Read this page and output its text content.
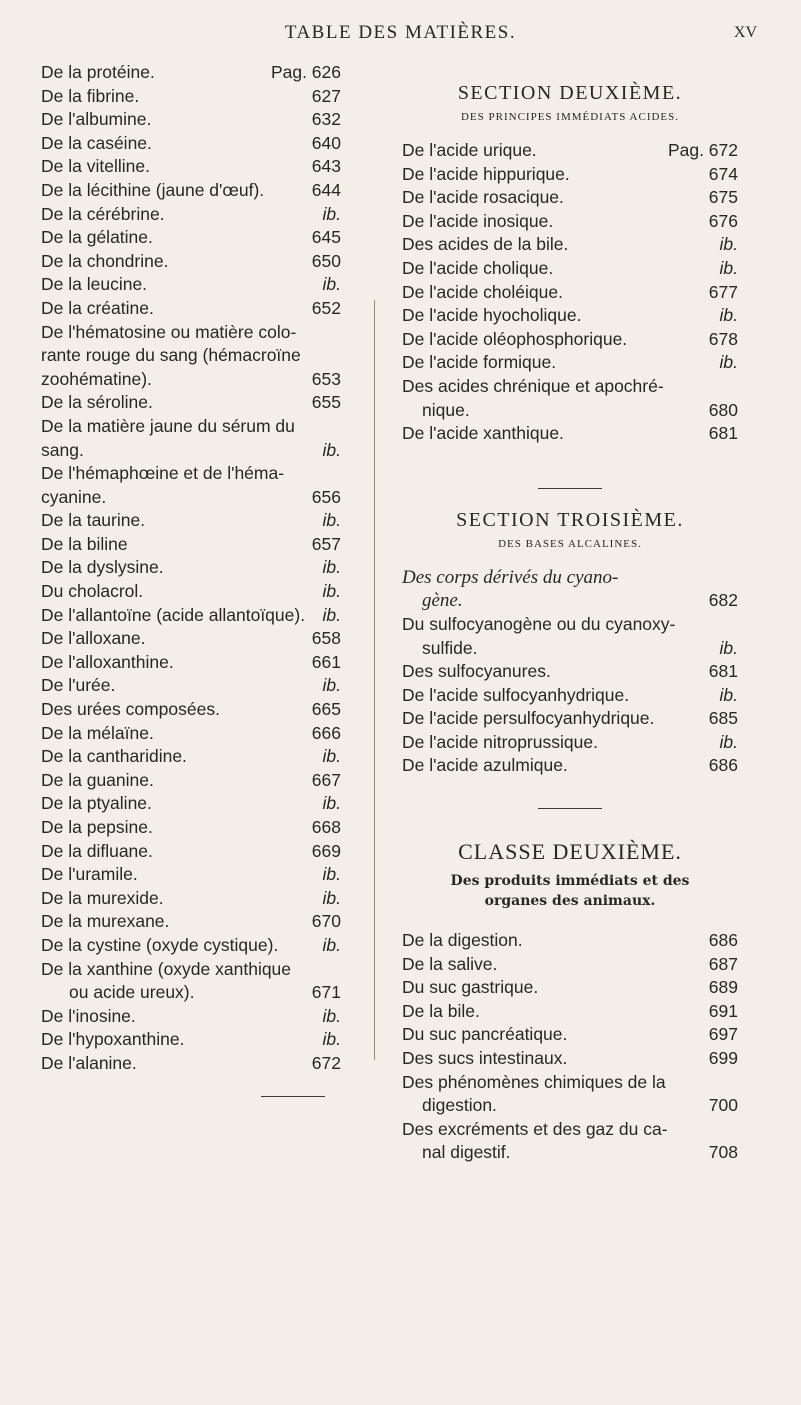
TABLE DES MATIÈRES.	XV
De la protéine.	Pag. 626
De la fibrine.	627
De l'albumine.	632
De la caséine.	640
De la vitelline.	643
De la lécithine (jaune d'œuf).	644
De la cérébrine.	ib.
De la gélatine.	645
De la chondrine.	650
De la leucine.	ib.
De la créatine.	652
De l'hématosine ou matière colo-
rante rouge du sang (hémacroïne
zoohématine).	653
De la séroline.	655
De la matière jaune du sérum du
sang.	ib.
De l'hémaphœine et de l'héma-
cyanine.	656
De la taurine.	ib.
De la biline	657
De la dyslysine.	ib.
Du cholacrol.	ib.
De l'allantoïne (acide allantoïque). ib.
De l'alloxane.	658
De l'alloxanthine.	661
De l'urée.	ib.
Des urées composées.	665
De la mélaïne.	666
De la cantharidine.	ib.
De la guanine.	667
De la ptyaline.	ib.
De la pepsine.	668
De la difluane.	669
De l'uramile.	ib.
De la murexide.	ib.
De la murexane.	670
De la cystine (oxyde cystique).	ib.
De la xanthine (oxyde xanthique
ou acide ureux).	671
De l'inosine.	ib.
De l'hypoxanthine.	ib.
De l'alanine.	672
SECTION DEUXIÈME.
DES PRINCIPES IMMÉDIATS ACIDES.
De l'acide urique.	Pag. 672
De l'acide hippurique.	674
De l'acide rosacique.	675
De l'acide inosique.	676
Des acides de la bile.	ib.
De l'acide cholique.	ib.
De l'acide choléique.	677
De l'acide hyocholique.	ib.
De l'acide oléophosphorique.	678
De l'acide formique.	ib.
Des acides chrénique et apochré-
nique.	680
De l'acide xanthique.	681
SECTION TROISIÈME.
DES BASES ALCALINES.
Des corps dérivés du cyano-
gène.	682
Du sulfocyanogène ou du cyanoxy-
sulfide.	ib.
Des sulfocyanures.	681
De l'acide sulfocyanhydrique.	ib.
De l'acide persulfocyanhydrique.	685
De l'acide nitroprussique.	ib.
De l'acide azulmique.	686
CLASSE DEUXIÈME.
Des produits immédiats et des
organes des animaux.
De la digestion.	686
De la salive.	687
Du suc gastrique.	689
De la bile.	691
Du suc pancréatique.	697
Des sucs intestinaux.	699
Des phénomènes chimiques de la
digestion.	700
Des excréments et des gaz du ca-
nal digestif.	708
